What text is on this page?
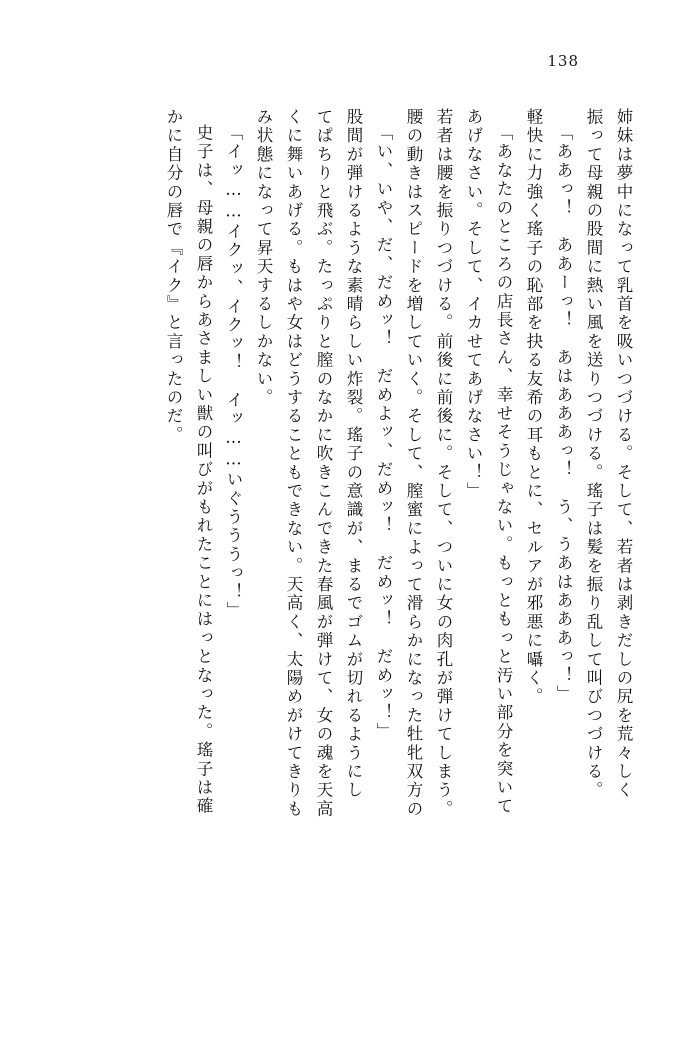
138
姉妹は夢中になって乳首を吸いつづける。そして、若者は剥きだしの尻を荒々しく
振って母親の股間に熱い風を送りつづける。瑤子は髪を振り乱して叫びつづける。
「ああっ！　ああーっ！　あはあああっ！　う、うあはあああっ！」
軽快に力強く瑤子の恥部を抉る友希の耳もとに、セルアが邪悪に囁く。
「あなたのところの店長さん、幸せそうじゃない。もっともっと汚い部分を突いて
あげなさい。そして、イカせてあげなさい！」
若者は腰を振りつづける。前後に前後に。そして、ついに女の肉孔が弾けてしまう。
腰の動きはスピードを増していく。そして、膣蜜によって滑らかになった牡牝双方の
「い、いや、だ、だめッ！　だめよッ、だめッ！　だめッ！　だめッ！」
股間が弾けるような素晴らしい炸裂。瑤子の意識が、まるでゴムが切れるようにし
てぱちりと飛ぶ。たっぷりと膣のなかに吹きこんできた春風が弾けて、女の魂を天高
くに舞いあげる。もはや女はどうすることもできない。天高く、太陽めがけてきりも
み状態になって昇天するしかない。
「イッ……イクッ、イクッ！　イッ……いぐうううっ！」
史子は、母親の唇からあさましい獣の叫びがもれたことにはっとなった。瑤子は確
かに自分の唇で『イク』と言ったのだ。
